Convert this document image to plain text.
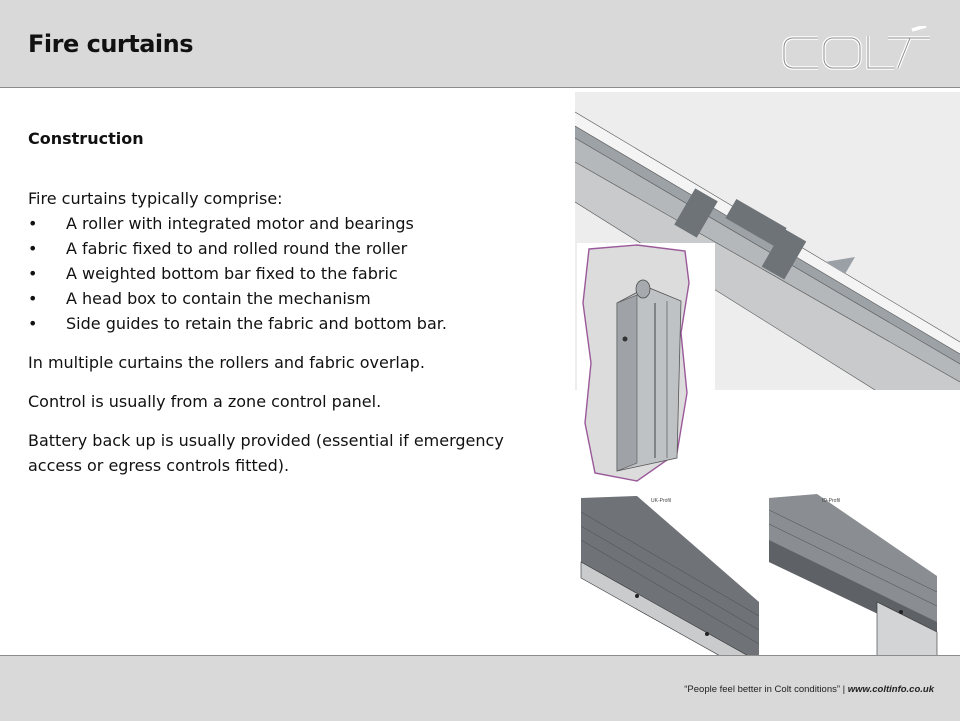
Fire curtains
Construction

Fire curtains typically comprise:

• A roller with integrated motor and bearings
• A fabric fixed to and rolled round the roller
• A weighted bottom bar fixed to the fabric
• A head box to contain the mechanism
• Side guides to retain the fabric and bottom bar.

In multiple curtains the rollers and fabric overlap.

Control is usually from a zone control panel.

Battery back up is usually provided (essential if emergency access or egress controls fitted).

UK-Profil	ID-Profil
“People feel better in Colt conditions” | www.coltinfo.co.uk
